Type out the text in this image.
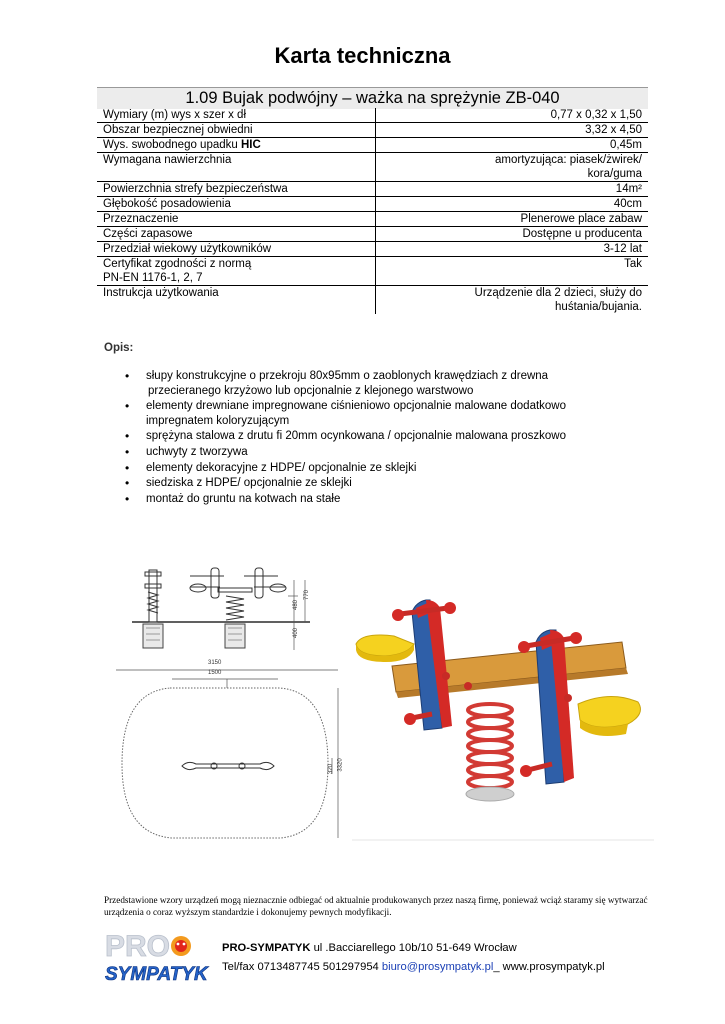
Karta techniczna
1.09 Bujak podwójny – ważka na sprężynie ZB-040
Wymiary (m) wys x szer x dł	0,77 x 0,32 x 1,50
Obszar bezpiecznej obwiedni	3,32 x 4,50
Wys. swobodnego upadku HIC	0,45m
Wymagana nawierzchnia	amortyzująca: piasek/żwirek/
kora/guma
Powierzchnia strefy bezpieczeństwa	14m²
Głębokość posadowienia	40cm
Przeznaczenie	Plenerowe place zabaw
Części zapasowe	Dostępne u producenta
Przedział wiekowy użytkowników	3-12 lat
Certyfikat zgodności z normą
PN-EN 1176-1, 2, 7	Tak
Instrukcja użytkowania	Urządzenie dla 2 dzieci, służy do
huśtania/bujania.
Opis:
• słupy konstrukcyjne o przekroju 80x95mm o zaoblonych krawędziach z drewna
przecieranego krzyżowo lub opcjonalnie z klejonego warstwowo
• elementy drewniane impregnowane ciśnieniowo opcjonalnie malowane dodatkowo
impregnatem koloryzującym
• sprężyna stalowa z drutu fi 20mm ocynkowana / opcjonalnie malowana proszkowo
• uchwyty z tworzywa
• elementy dekoracyjne z HDPE/ opcjonalnie ze sklejki
• siedziska z HDPE/ opcjonalnie ze sklejki
• montaż do gruntu na kotwach na stałe
770
480
400
3150
1500
3320
320
Przedstawione wzory urządzeń mogą nieznacznie odbiegać od aktualnie produkowanych przez naszą firmę, ponieważ wciąż staramy się wytwarzać urządzenia o coraz wyższym standardzie i dokonujemy pewnych modyfikacji.
PRO
SYMPATYK
PRO-SYMPATYK ul .Bacciarellego 10b/10 51-649 Wrocław
Tel/fax 0713487745 501297954 biuro@prosympatyk.pl_ www.prosympatyk.pl
